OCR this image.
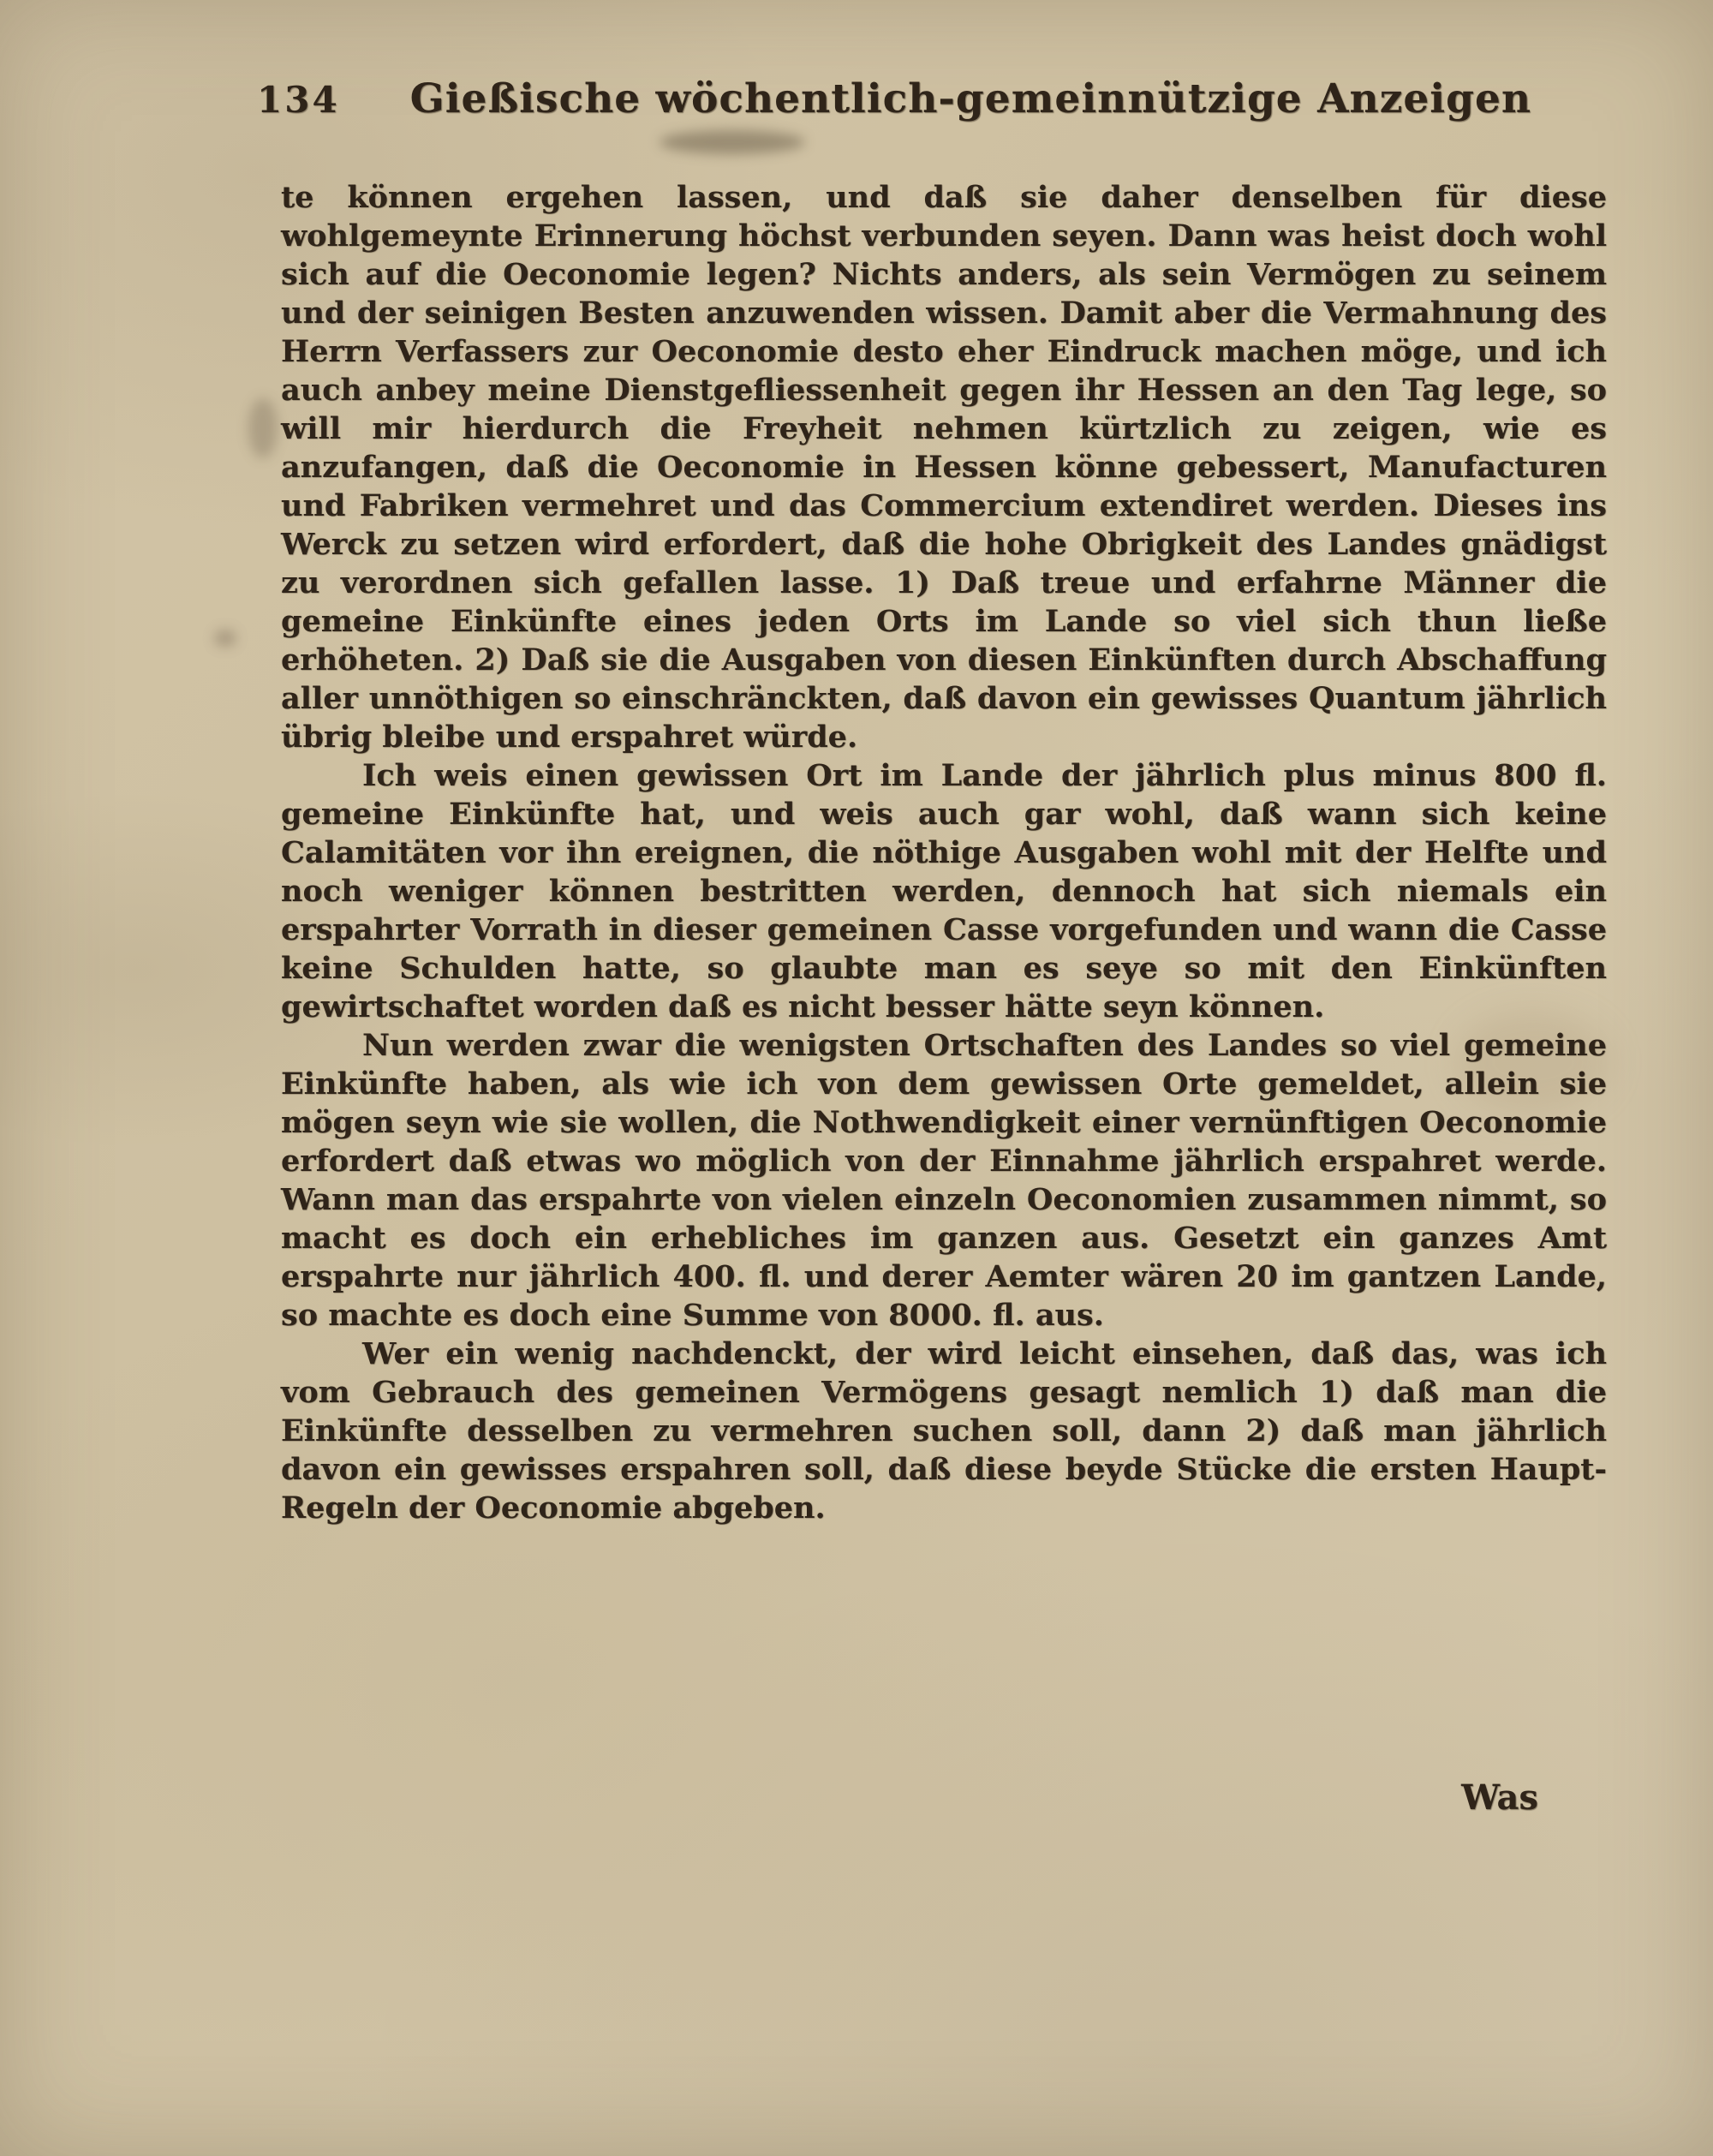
134	Gießische wöchentlich-gemeinnützige Anzeigen

te können ergehen lassen, und daß sie daher denselben für diese wohlgemeynte Erinnerung höchst verbunden seyen. Dann was heist doch wohl sich auf die Oeconomie legen? Nichts anders, als sein Vermögen zu seinem und der seinigen Besten anzuwenden wissen. Damit aber die Vermahnung des Herrn Verfassers zur Oeconomie desto eher Eindruck machen möge, und ich auch anbey meine Dienstgefliessenheit gegen ihr Hessen an den Tag lege, so will mir hierdurch die Freyheit nehmen kürtzlich zu zeigen, wie es anzufangen, daß die Oeconomie in Hessen könne gebessert, Manufacturen und Fabriken vermehret und das Commercium extendiret werden. Dieses ins Werck zu setzen wird erfordert, daß die hohe Obrigkeit des Landes gnädigst zu verordnen sich gefallen lasse. 1) Daß treue und erfahrne Männer die gemeine Einkünfte eines jeden Orts im Lande so viel sich thun ließe erhöheten. 2) Daß sie die Ausgaben von diesen Einkünften durch Abschaffung aller unnöthigen so einschränckten, daß davon ein gewisses Quantum jährlich übrig bleibe und erspahret würde.

Ich weis einen gewissen Ort im Lande der jährlich plus minus 800 fl. gemeine Einkünfte hat, und weis auch gar wohl, daß wann sich keine Calamitäten vor ihn ereignen, die nöthige Ausgaben wohl mit der Helfte und noch weniger können bestritten werden, dennoch hat sich niemals ein erspahrter Vorrath in dieser gemeinen Casse vorgefunden und wann die Casse keine Schulden hatte, so glaubte man es seye so mit den Einkünften gewirtschaftet worden daß es nicht besser hätte seyn können.

Nun werden zwar die wenigsten Ortschaften des Landes so viel gemeine Einkünfte haben, als wie ich von dem gewissen Orte gemeldet, allein sie mögen seyn wie sie wollen, die Nothwendigkeit einer vernünftigen Oeconomie erfordert daß etwas wo möglich von der Einnahme jährlich erspahret werde. Wann man das erspahrte von vielen einzeln Oeconomien zusammen nimmt, so macht es doch ein erhebliches im ganzen aus. Gesetzt ein ganzes Amt erspahrte nur jährlich 400. fl. und derer Aemter wären 20 im gantzen Lande, so machte es doch eine Summe von 8000. fl. aus.

Wer ein wenig nachdenckt, der wird leicht einsehen, daß das, was ich vom Gebrauch des gemeinen Vermögens gesagt nemlich 1) daß man die Einkünfte desselben zu vermehren suchen soll, dann 2) daß man jährlich davon ein gewisses erspahren soll, daß diese beyde Stücke die ersten Haupt-Regeln der Oeconomie abgeben.

Was
